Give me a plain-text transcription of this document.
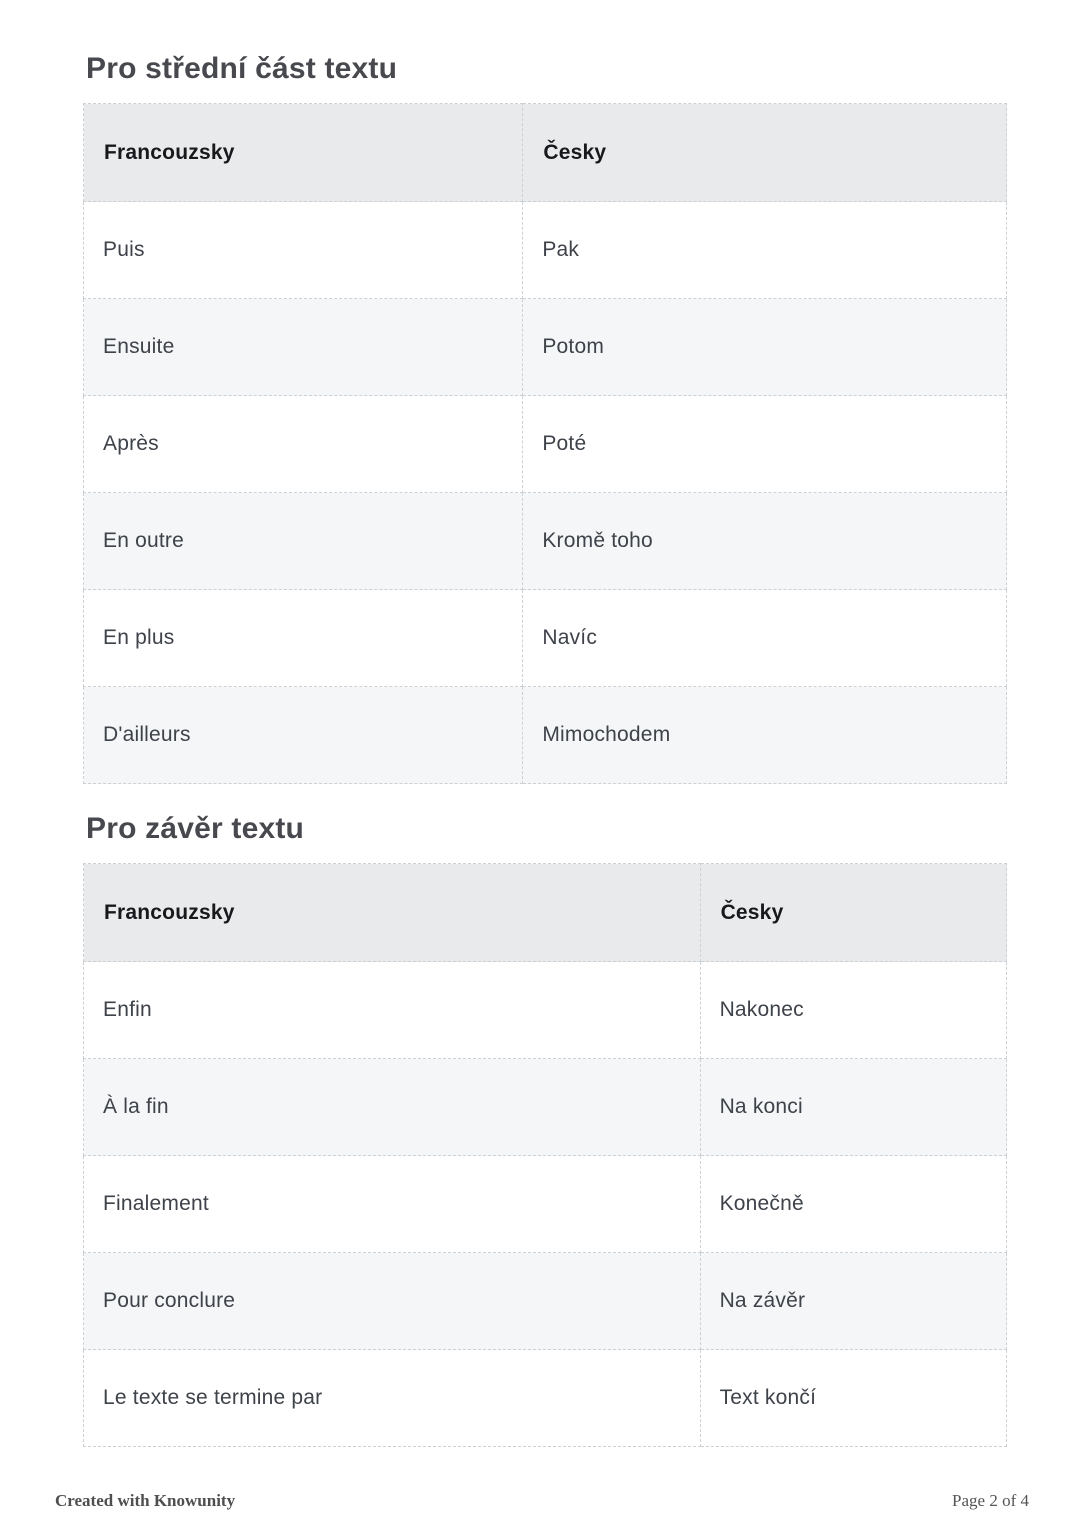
Pro střední část textu
Francouzsky	Česky
Puis	Pak
Ensuite	Potom
Après	Poté
En outre	Kromě toho
En plus	Navíc
D'ailleurs	Mimochodem
Pro závěr textu
Francouzsky	Česky
Enfin	Nakonec
À la fin	Na konci
Finalement	Konečně
Pour conclure	Na závěr
Le texte se termine par	Text končí
Created with Knowunity	Page 2 of 4
